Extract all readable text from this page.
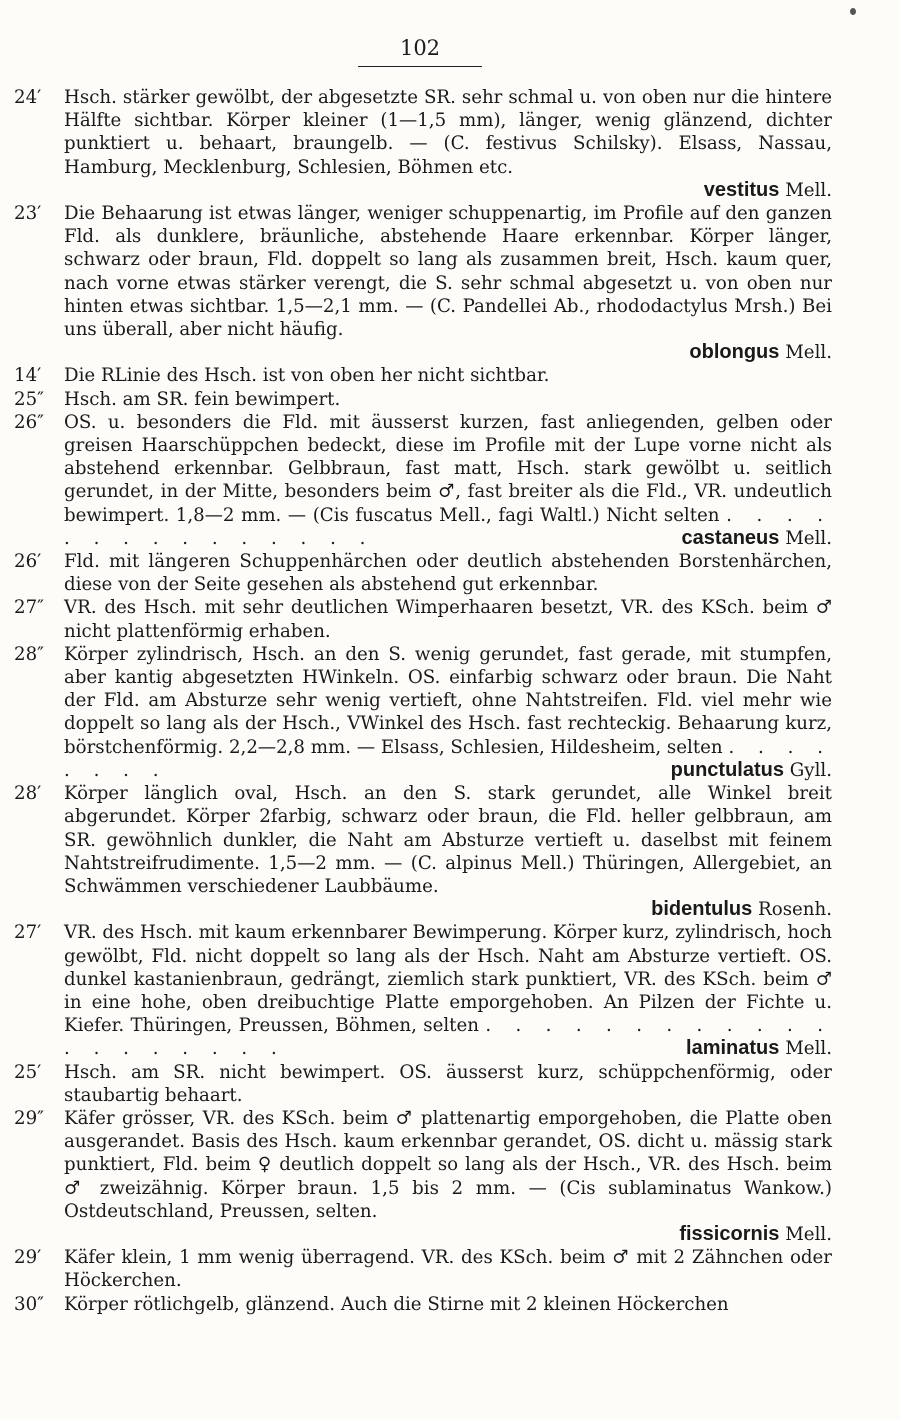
102
24′	Hsch. stärker gewölbt, der abgesetzte SR. sehr schmal u. von oben nur die hintere Hälfte sichtbar. Körper kleiner (1—1,5 mm), länger, wenig glänzend, dichter punktiert u. behaart, braungelb. — (C. festivus Schilsky). Elsass, Nassau, Hamburg, Mecklenburg, Schlesien, Böhmen etc.
vestitus Mell.
23′	Die Behaarung ist etwas länger, weniger schuppenartig, im Profile auf den ganzen Fld. als dunklere, bräunliche, abstehende Haare erkennbar. Körper länger, schwarz oder braun, Fld. doppelt so lang als zusammen breit, Hsch. kaum quer, nach vorne etwas stärker verengt, die S. sehr schmal abgesetzt u. von oben nur hinten etwas sichtbar. 1,5—2,1 mm. — (C. Pandellei Ab., rhododactylus Mrsh.) Bei uns überall, aber nicht häufig.
oblongus Mell.
14′	Die RLinie des Hsch. ist von oben her nicht sichtbar.
25″	Hsch. am SR. fein bewimpert.
26″	OS. u. besonders die Fld. mit äusserst kurzen, fast anliegenden, gelben oder greisen Haarschüppchen bedeckt, diese im Profile mit der Lupe vorne nicht als abstehend erkennbar. Gelbbraun, fast matt, Hsch. stark gewölbt u. seitlich gerundet, in der Mitte, besonders beim ♂, fast breiter als die Fld., VR. undeutlich bewimpert. 1,8—2 mm. — (Cis fuscatus Mell., fagi Waltl.) Nicht selten . . . . . . . . . . . . . . .	castaneus Mell.
26′	Fld. mit längeren Schuppenhärchen oder deutlich abstehenden Borstenhärchen, diese von der Seite gesehen als abstehend gut erkennbar.
27″	VR. des Hsch. mit sehr deutlichen Wimperhaaren besetzt, VR. des KSch. beim ♂ nicht plattenförmig erhaben.
28″	Körper zylindrisch, Hsch. an den S. wenig gerundet, fast gerade, mit stumpfen, aber kantig abgesetzten HWinkeln. OS. einfarbig schwarz oder braun. Die Naht der Fld. am Absturze sehr wenig vertieft, ohne Nahtstreifen. Fld. viel mehr wie doppelt so lang als der Hsch., VWinkel des Hsch. fast rechteckig. Behaarung kurz, börstchenförmig. 2,2—2,8 mm. — Elsass, Schlesien, Hildesheim, selten . . . . . . . .	punctulatus Gyll.
28′	Körper länglich oval, Hsch. an den S. stark gerundet, alle Winkel breit abgerundet. Körper 2farbig, schwarz oder braun, die Fld. heller gelbbraun, am SR. gewöhnlich dunkler, die Naht am Absturze vertieft u. daselbst mit feinem Nahtstreifrudimente. 1,5—2 mm. — (C. alpinus Mell.) Thüringen, Allergebiet, an Schwämmen verschiedener Laubbäume.
bidentulus Rosenh.
27′	VR. des Hsch. mit kaum erkennbarer Bewimperung. Körper kurz, zylindrisch, hoch gewölbt, Fld. nicht doppelt so lang als der Hsch. Naht am Absturze vertieft. OS. dunkel kastanienbraun, gedrängt, ziemlich stark punktiert, VR. des KSch. beim ♂ in eine hohe, oben dreibuchtige Platte emporgehoben. An Pilzen der Fichte u. Kiefer. Thüringen, Preussen, Böhmen, selten . . . . . . . . . . . . . . . . . . . .	laminatus Mell.
25′	Hsch. am SR. nicht bewimpert. OS. äusserst kurz, schüppchenförmig, oder staubartig behaart.
29″	Käfer grösser, VR. des KSch. beim ♂ plattenartig emporgehoben, die Platte oben ausgerandet. Basis des Hsch. kaum erkennbar gerandet, OS. dicht u. mässig stark punktiert, Fld. beim ♀ deutlich doppelt so lang als der Hsch., VR. des Hsch. beim ♂ zweizähnig. Körper braun. 1,5 bis 2 mm. — (Cis sublaminatus Wankow.) Ostdeutschland, Preussen, selten.
fissicornis Mell.
29′	Käfer klein, 1 mm wenig überragend. VR. des KSch. beim ♂ mit 2 Zähnchen oder Höckerchen.
30″	Körper rötlichgelb, glänzend. Auch die Stirne mit 2 kleinen Höckerchen
